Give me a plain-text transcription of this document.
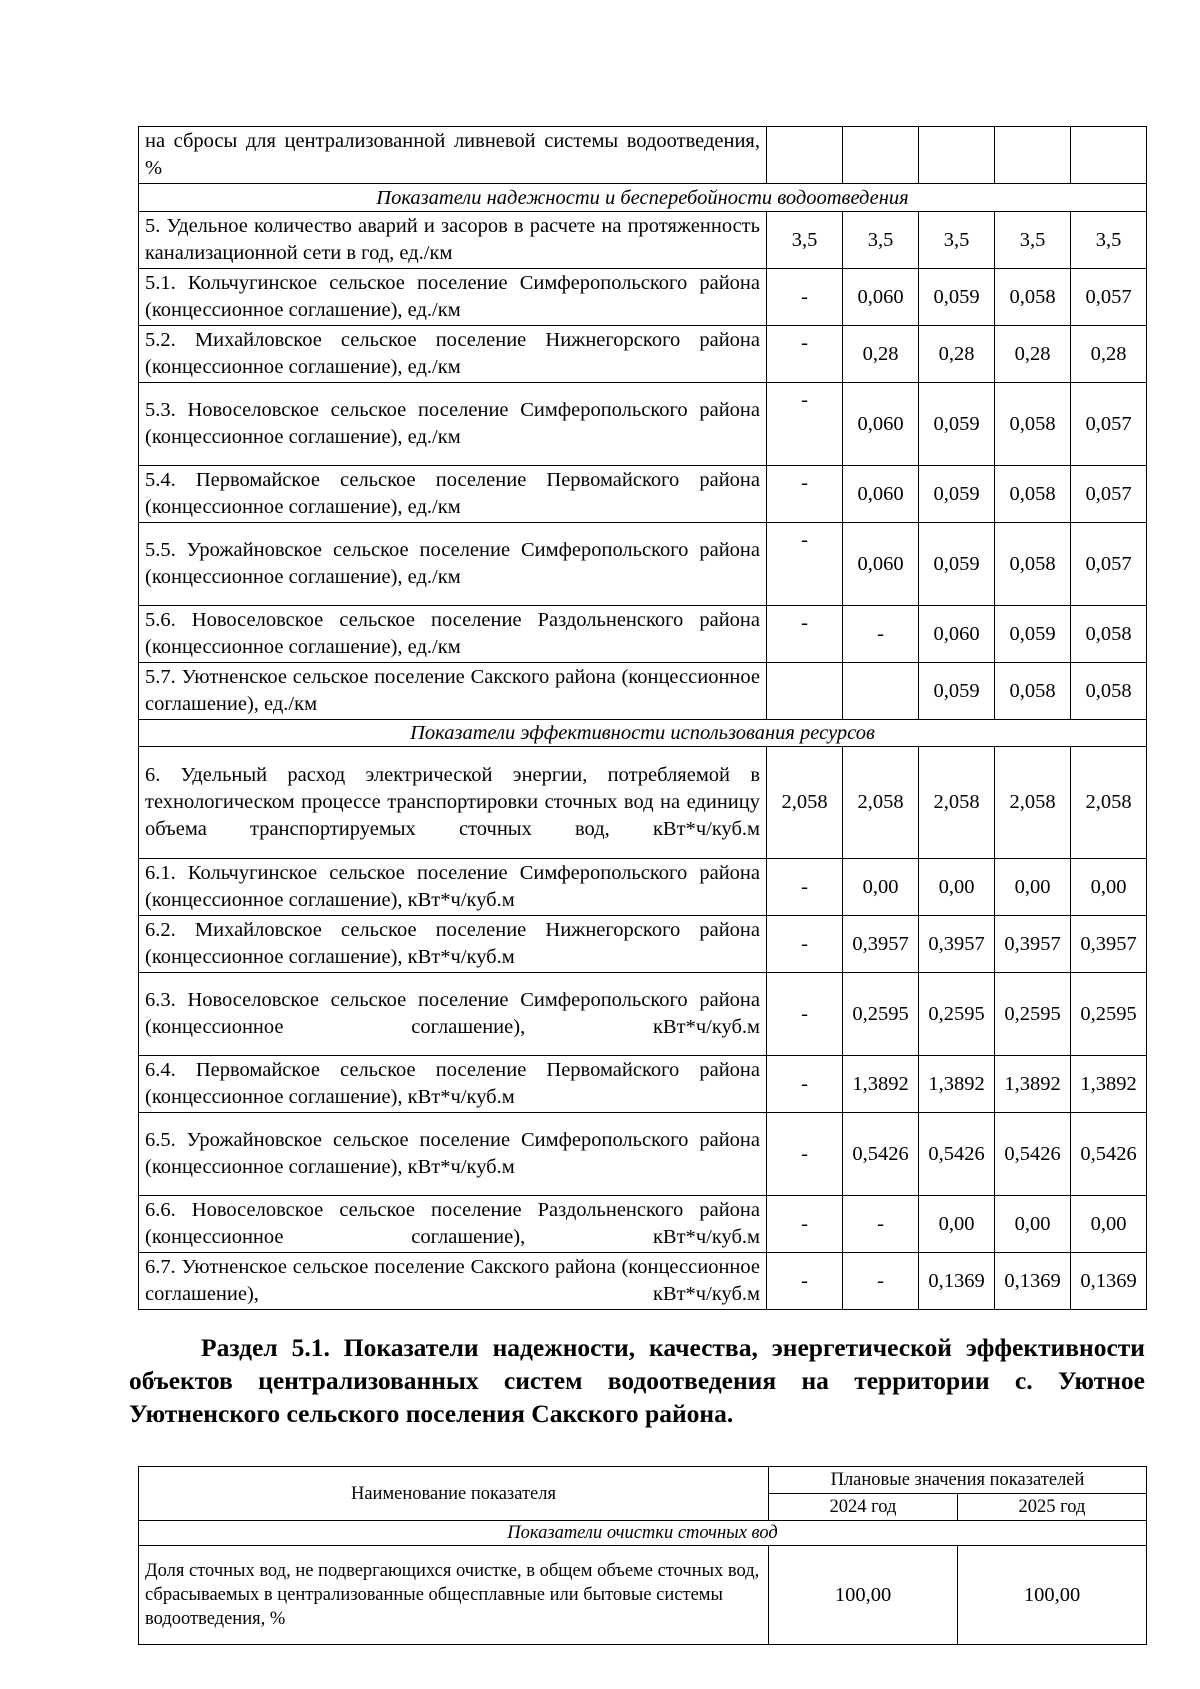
на сбросы для централизованной ливневой системы водоотведения, %					
Показатели надежности и бесперебойности водоотведения					
5. Удельное количество аварий и засоров в расчете на протяженность канализационной сети в год, ед./км	3,5	3,5	3,5	3,5	3,5
5.1. Кольчугинское сельское поселение Симферопольского района (концессионное соглашение), ед./км	-	0,060	0,059	0,058	0,057
5.2. Михайловское сельское поселение Нижнегорского района (концессионное соглашение), ед./км	-	0,28	0,28	0,28	0,28
5.3. Новоселовское сельское поселение Симферопольского района (концессионное соглашение), ед./км	-	0,060	0,059	0,058	0,057
5.4. Первомайское сельское поселение Первомайского района (концессионное соглашение), ед./км	-	0,060	0,059	0,058	0,057
5.5. Урожайновское сельское поселение Симферопольского района (концессионное соглашение), ед./км	-	0,060	0,059	0,058	0,057
5.6. Новоселовское сельское поселение Раздольненского района (концессионное соглашение), ед./км	-	-	0,060	0,059	0,058
5.7. Уютненское сельское поселение Сакского района (концессионное соглашение), ед./км			0,059	0,058	0,058
Показатели эффективности использования ресурсов					
6. Удельный расход электрической энергии, потребляемой в технологическом процессе транспортировки сточных вод на единицу объема транспортируемых сточных вод, кВт*ч/куб.м	2,058	2,058	2,058	2,058	2,058
6.1. Кольчугинское сельское поселение Симферопольского района (концессионное соглашение), кВт*ч/куб.м	-	0,00	0,00	0,00	0,00
6.2. Михайловское сельское поселение Нижнегорского района (концессионное соглашение), кВт*ч/куб.м	-	0,3957	0,3957	0,3957	0,3957
6.3. Новоселовское сельское поселение Симферопольского района (концессионное соглашение), кВт*ч/куб.м	-	0,2595	0,2595	0,2595	0,2595
6.4. Первомайское сельское поселение Первомайского района (концессионное соглашение), кВт*ч/куб.м	-	1,3892	1,3892	1,3892	1,3892
6.5. Урожайновское сельское поселение Симферопольского района (концессионное соглашение), кВт*ч/куб.м	-	0,5426	0,5426	0,5426	0,5426
6.6. Новоселовское сельское поселение Раздольненского района (концессионное соглашение), кВт*ч/куб.м	-	-	0,00	0,00	0,00
6.7. Уютненское сельское поселение Сакского района (концессионное соглашение), кВт*ч/куб.м	-	-	0,1369	0,1369	0,1369
Раздел 5.1. Показатели надежности, качества, энергетической эффективности объектов централизованных систем водоотведения на территории с. Уютное Уютненского сельского поселения Сакского района.
Наименование показателя	Плановые значения показателей	
	2024 год	2025 год
Показатели очистки сточных вод		
Доля сточных вод, не подвергающихся очистке, в общем объеме сточных вод, сбрасываемых в централизованные общесплавные или бытовые системы водоотведения, %	100,00	100,00
